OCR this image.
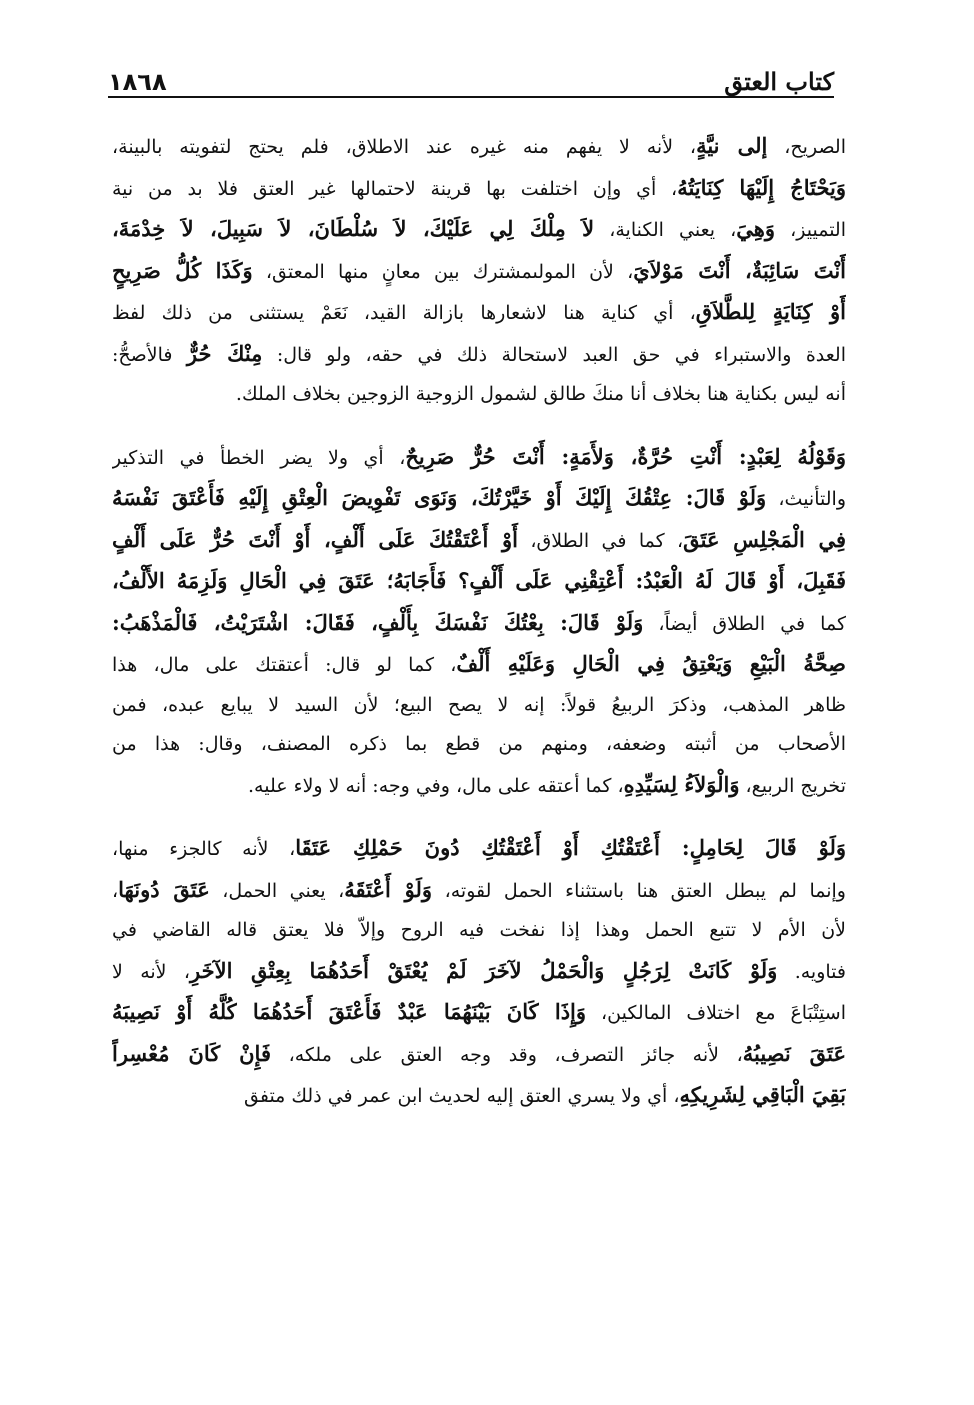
كتاب العتق
١٨٦٨
الصريح، إلى نيَّةٍ، لأنه لا يفهم منه غيره عند الاطلاق، فلم يحتج لتفويته بالبينة،
وَيَحْتَاجُ إِلَيْهَا كِنَايَتُهُ، أي وإن اختلفت بها قرينة لاحتمالها غير العتق فلا بد من نية
التمييز، وَهِيَ، يعني الكناية، لاَ مِلْكَ لِي عَلَيْكَ، لاَ سُلْطَانَ، لاَ سَبِيلَ، لاَ خِدْمَةَ،
أَنْتَ سَائِبَةٌ، أَنْتَ مَوْلاَيَ، لأن المولىمشترك بين معانٍ منها المعتق، وَكَذَا كُلُّ صَرِيحٍ
أَوْ كِنَايَةٍ لِلطَّلاَقِ، أي كناية هنا لاشعارها بازالة القيد، نَعَمْ يستثنى من ذلك لفظ
العدة والاستبراء في حق العبد لاستحالة ذلك في حقه، ولو قال: مِنْكَ حُرٌّ فالأصحُّ:
أنه ليس بكناية هنا بخلاف أنا منكَ طالق لشمول الزوجية الزوجين بخلاف الملك.
وَقَوْلُهُ لِعَبْدٍ: أَنْتِ حُرَّةٌ، وَلأَمَةٍ: أَنْتَ حُرٌّ صَرِيحٌ، أي ولا يضر الخطأ في التذكير
والتأنيث، وَلَوْ قَالَ: عِتْقُكَ إِلَيْكَ أَوْ خَيَّرْتُكَ، وَنَوَى تَفْوِيضَ الْعِتْقِ إِلَيْهِ فَأَعْتَقَ نَفْسَهُ
فِي الْمَجْلِسِ عَتَقَ، كما في الطلاق، أَوْ أَعْتَقْتُكَ عَلَى أَلْفٍ، أَوْ أَنْتَ حُرٌّ عَلَى أَلْفٍ
فَقَبِلَ، أَوْ قَالَ لَهُ الْعَبْدُ: أَعْتِقْنِي عَلَى أَلْفٍ؟ فَأَجَابَهُ؛ عَتَقَ فِي الْحَالِ وَلَزِمَهُ الأَلْفُ،
كما في الطلاق أيضاً، وَلَوْ قَالَ: بِعْتُكَ نَفْسَكَ بِأَلْفٍ، فَقَالَ: اشْتَرَيْتُ، فَالْمَذْهَبُ:
صِحَّةُ الْبَيْعِ وَيَعْتِقُ فِي الْحَالِ وَعَلَيْهِ أَلْفٌ، كما لو قال: أعتقتك على مال، هذا
ظاهر المذهب، وذكرَ الربيعُ قولاً: إنه لا يصح البيع؛ لأن السيد لا يبايع عبده، فمن
الأصحاب من أثبته وضعفه، ومنهم من قطع بما ذكره المصنف، وقال: هذا من
تخريج الربيع، وَالْوَلاَءُ لِسَيِّدِهِ، كما أعتقه على مال، وفي وجه: أنه لا ولاء عليه.
وَلَوْ قَالَ لِحَامِلٍ: أَعْتَقْتُكِ أَوْ أَعْتَقْتُكِ دُونَ حَمْلِكِ عَتَقَا، لأنه كالجزء منها،
وإنما لم يبطل العتق هنا باستثناء الحمل لقوته، وَلَوْ أَعْتَقَهُ، يعني الحمل، عَتَقَ دُونَهَا،
لأن الأم لا تتبع الحمل وهذا إذا نفخت فيه الروح وإلاّ فلا يعتق قاله القاضي في
فتاويه. وَلَوْ كَانَتْ لِرَجُلٍ وَالْحَمْلُ لآخَرَ لَمْ يُعْتَقْ أَحَدُهُمَا بِعِتْقِ الآخَرِ، لأنه لا
استِتْبَاعَ مع اختلاف المالكين، وَإِذَا كَانَ بَيْنَهُمَا عَبْدٌ فَأَعْتَقَ أَحَدُهُمَا كُلَّهُ أَوْ نَصِيبَهُ
عَتَقَ نَصِيبُهُ، لأنه جائز التصرف، وقد وجه العتق على ملكه، فَإِنْ كَانَ مُعْسِراً
بَقِيَ الْبَاقِي لِشَرِيكِهِ، أي ولا يسري العتق إليه لحديث ابن عمر في ذلك متفق
